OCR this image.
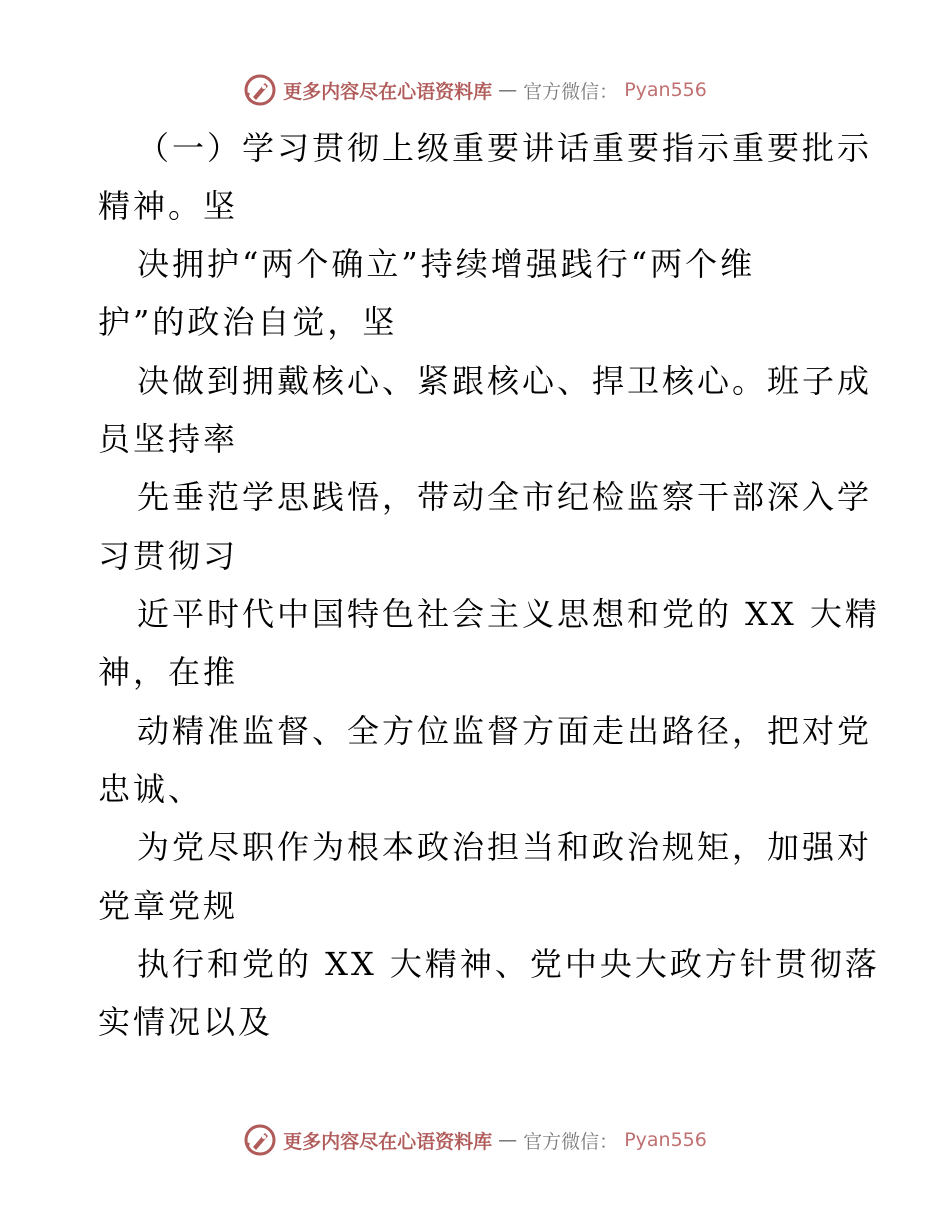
更多内容尽在心语资料库 — 官方微信： Pyan556
（一）学习贯彻上级重要讲话重要指示重要批示
精神。坚
决拥护“两个确立”持续增强践行“两个维
护”的政治自觉，坚
决做到拥戴核心、紧跟核心、捍卫核心。班子成
员坚持率
先垂范学思践悟，带动全市纪检监察干部深入学
习贯彻习
近平时代中国特色社会主义思想和党的 XX 大精
神，在推
动精准监督、全方位监督方面走出路径，把对党
忠诚、
为党尽职作为根本政治担当和政治规矩，加强对
党章党规
执行和党的 XX 大精神、党中央大政方针贯彻落
实情况以及
更多内容尽在心语资料库 — 官方微信： Pyan556
